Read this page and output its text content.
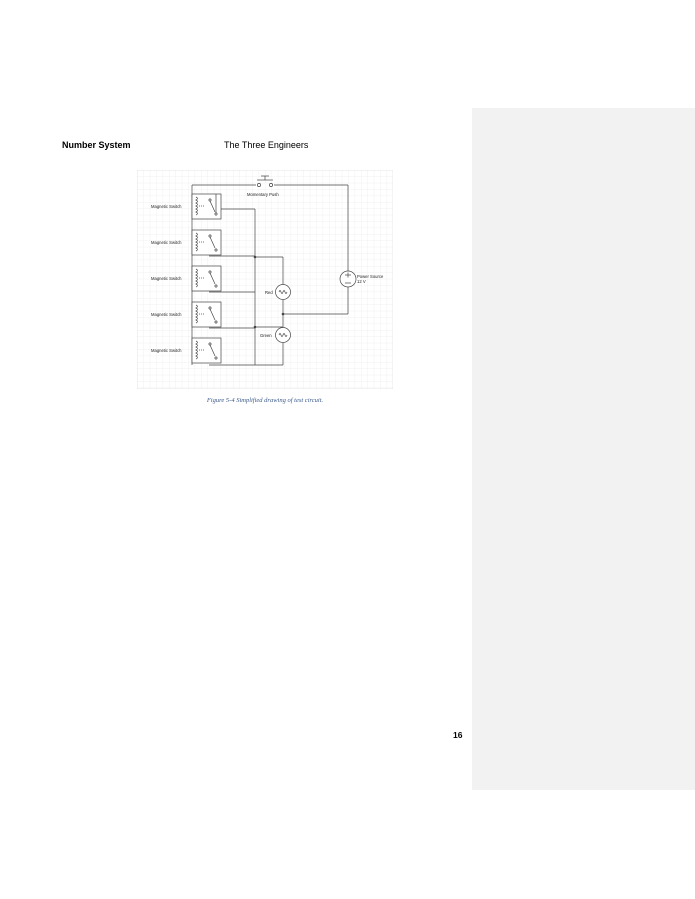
Number System	The Three Engineers
Momentary Push
Magnetic Switch
Magnetic Switch
Magnetic Switch
Magnetic Switch
Magnetic Switch
Red
Green
Power Source
12 V
Figure 5-4 Simplified drawing of test circuit.
16
